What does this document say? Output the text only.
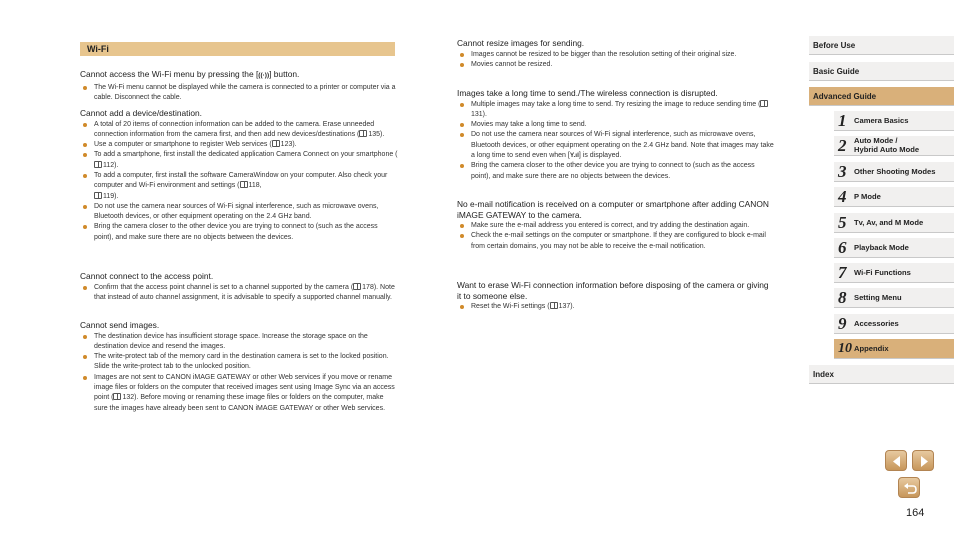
Wi-Fi
Cannot access the Wi-Fi menu by pressing the [((·))] button.
The Wi-Fi menu cannot be displayed while the camera is connected to a printer or computer via a cable. Disconnect the cable.
Cannot add a device/destination.
A total of 20 items of connection information can be added to the camera. Erase unneeded connection information from the camera first, and then add new devices/destinations ( 135).
Use a computer or smartphone to register Web services ( 123).
To add a smartphone, first install the dedicated application Camera Connect on your smartphone (112).
To add a computer, first install the software CameraWindow on your computer. Also check your computer and Wi-Fi environment and settings ( 118,
119).
Do not use the camera near sources of Wi-Fi signal interference, such as microwave ovens, Bluetooth devices, or other equipment operating on the 2.4 GHz band.
Bring the camera closer to the other device you are trying to connect to (such as the access point), and make sure there are no objects between the devices.
Cannot connect to the access point.
Confirm that the access point channel is set to a channel supported by the camera ( 178). Note that instead of auto channel assignment, it is advisable to specify a supported channel manually.
Cannot send images.
The destination device has insufficient storage space. Increase the storage space on the destination device and resend the images.
The write-protect tab of the memory card in the destination camera is set to the locked position. Slide the write-protect tab to the unlocked position.
Images are not sent to CANON iMAGE GATEWAY or other Web services if you move or rename image files or folders on the computer that received images sent using Image Sync via an access point ( 132). Before moving or renaming these image files or folders on the computer, make sure the images have already been sent to CANON iMAGE GATEWAY or other Web services.
Cannot resize images for sending.
Images cannot be resized to be bigger than the resolution setting of their original size.
Movies cannot be resized.
Images take a long time to send./The wireless connection is disrupted.
Multiple images may take a long time to send. Try resizing the image to reduce sending time (131).
Movies may take a long time to send.
Do not use the camera near sources of Wi-Fi signal interference, such as microwave ovens, Bluetooth devices, or other equipment operating on the 2.4 GHz band. Note that images may take a long time to send even when [Y.ıl] is displayed.
Bring the camera closer to the other device you are trying to connect to (such as the access point), and make sure there are no objects between the devices.
No e-mail notification is received on a computer or smartphone after adding CANON iMAGE GATEWAY to the camera.
Make sure the e-mail address you entered is correct, and try adding the destination again.
Check the e-mail settings on the computer or smartphone. If they are configured to block e-mail from certain domains, you may not be able to receive the e-mail notification.
Want to erase Wi-Fi connection information before disposing of the camera or giving it to someone else.
Reset the Wi-Fi settings ( 137).
Before Use
Basic Guide
Advanced Guide
1 Camera Basics
2 Auto Mode /
Hybrid Auto Mode
3 Other Shooting Modes
4 P Mode
5 Tv, Av, and M Mode
6 Playback Mode
7 Wi-Fi Functions
8 Setting Menu
9 Accessories
10 Appendix
Index
164
